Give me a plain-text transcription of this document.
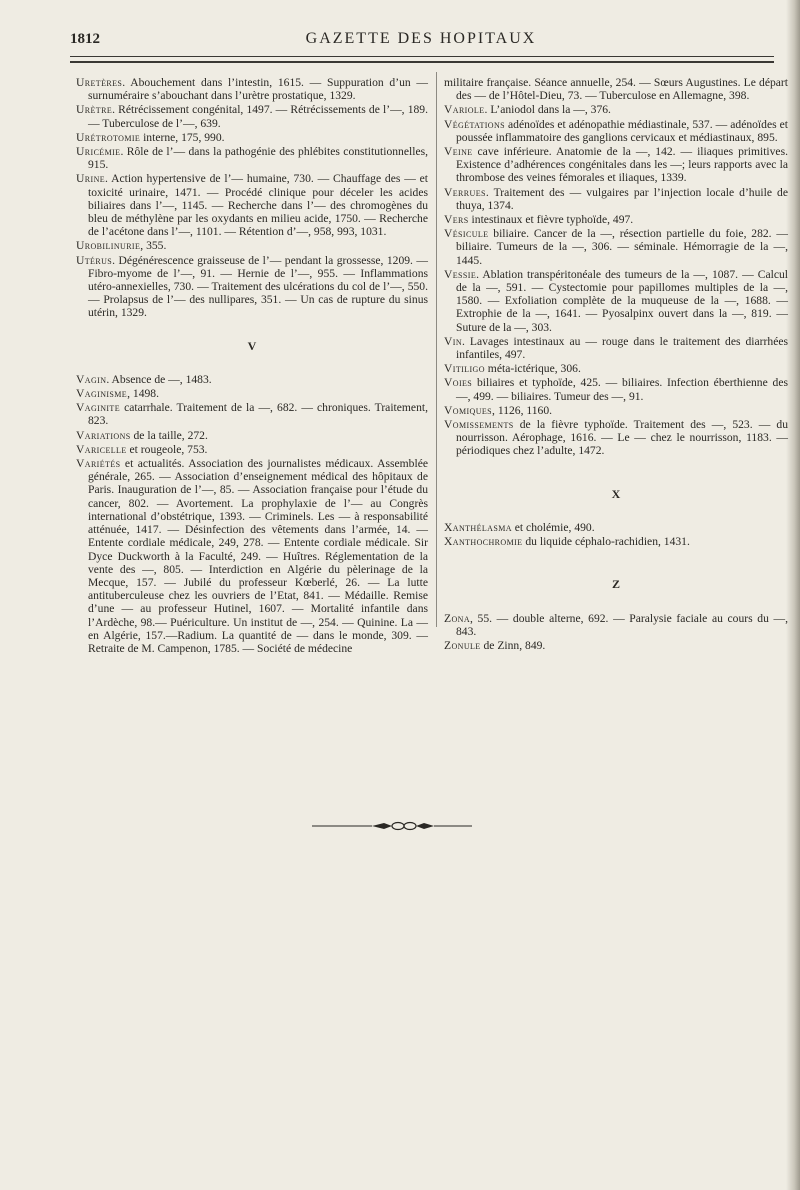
1812	GAZETTE DES HOPITAUX
Uretères. Abouchement dans l’intestin, 1615. — Suppuration d’un — surnuméraire s’abouchant dans l’urètre prostatique, 1329.
Urètre. Rétrécissement congénital, 1497. — Rétrécissements de l’—, 189. — Tuberculose de l’—, 639.
Urétrotomie interne, 175, 990.
Uricémie. Rôle de l’— dans la pathogénie des phlébites constitutionnelles, 915.
Urine. Action hypertensive de l’— humaine, 730. — Chauffage des — et toxicité urinaire, 1471. — Procédé clinique pour déceler les acides biliaires dans l’—, 1145. — Recherche dans l’— des chromogènes du bleu de méthylène par les oxydants en milieu acide, 1750. — Recherche de l’acétone dans l’—, 1101. — Rétention d’—, 958, 993, 1031.
Urobilinurie, 355.
Utérus. Dégénérescence graisseuse de l’— pendant la grossesse, 1209. — Fibro-myome de l’—, 91. — Hernie de l’—, 955. — Inflammations utéro-annexielles, 730. — Traitement des ulcérations du col de l’—, 550. — Prolapsus de l’— des nullipares, 351. — Un cas de rupture du sinus utérin, 1329.
V
Vagin. Absence de —, 1483.
Vaginisme, 1498.
Vaginite catarrhale. Traitement de la —, 682. — chroniques. Traitement, 823.
Variations de la taille, 272.
Varicelle et rougeole, 753.
Variétés et actualités. Association des journalistes médicaux. Assemblée générale, 265. — Association d’enseignement médical des hôpitaux de Paris. Inauguration de l’—, 85. — Association française pour l’étude du cancer, 802. — Avortement. La prophylaxie de l’— au Congrès international d’obstétrique, 1393. — Criminels. Les — à responsabilité atténuée, 1417. — Désinfection des vêtements dans l’armée, 14. — Entente cordiale médicale, 249, 278. — Entente cordiale médicale. Sir Dyce Duckworth à la Faculté, 249. — Huîtres. Réglementation de la vente des —, 805. — Interdiction en Algérie du pèlerinage de la Mecque, 157. — Jubilé du professeur Kœberlé, 26. — La lutte antituberculeuse chez les ouvriers de l’Etat, 841. — Médaille. Remise d’une — au professeur Hutinel, 1607. — Mortalité infantile dans l’Ardèche, 98.— Puériculture. Un institut de —, 254. — Quinine. La — en Algérie, 157.—Radium. La quantité de — dans le monde, 309. — Retraite de M. Campenon, 1785. — Société de médecine
militaire française. Séance annuelle, 254. — Sœurs Augustines. Le départ des — de l’Hôtel-Dieu, 73. — Tuberculose en Allemagne, 398.
Variole. L’aniodol dans la —, 376.
Végétations adénoïdes et adénopathie médiastinale, 537. — adénoïdes et poussée inflammatoire des ganglions cervicaux et médiastinaux, 895.
Veine cave inférieure. Anatomie de la —, 142. — iliaques primitives. Existence d’adhérences congénitales dans les —; leurs rapports avec la thrombose des veines fémorales et iliaques, 1339.
Verrues. Traitement des — vulgaires par l’injection locale d’huile de thuya, 1374.
Vers intestinaux et fièvre typhoïde, 497.
Vésicule biliaire. Cancer de la —, résection partielle du foie, 282. — biliaire. Tumeurs de la —, 306. — séminale. Hémorragie de la —, 1445.
Vessie. Ablation transpéritonéale des tumeurs de la —, 1087. — Calcul de la —, 591. — Cystectomie pour papillomes multiples de la —, 1580. — Exfoliation complète de la muqueuse de la —, 1688. — Extrophie de la —, 1641. — Pyosalpinx ouvert dans la —, 819. — Suture de la —, 303.
Vin. Lavages intestinaux au — rouge dans le traitement des diarrhées infantiles, 497.
Vitiligo méta-ictérique, 306.
Voies biliaires et typhoïde, 425. — biliaires. Infection éberthienne des —, 499. — biliaires. Tumeur des —, 91.
Vomiques, 1126, 1160.
Vomissements de la fièvre typhoïde. Traitement des —, 523. — du nourrisson. Aérophage, 1616. — Le — chez le nourrisson, 1183. — périodiques chez l’adulte, 1472.
X
Xanthélasma et cholémie, 490.
Xanthochromie du liquide céphalo-rachidien, 1431.
Z
Zona, 55. — double alterne, 692. — Paralysie faciale au cours du —, 843.
Zonule de Zinn, 849.
